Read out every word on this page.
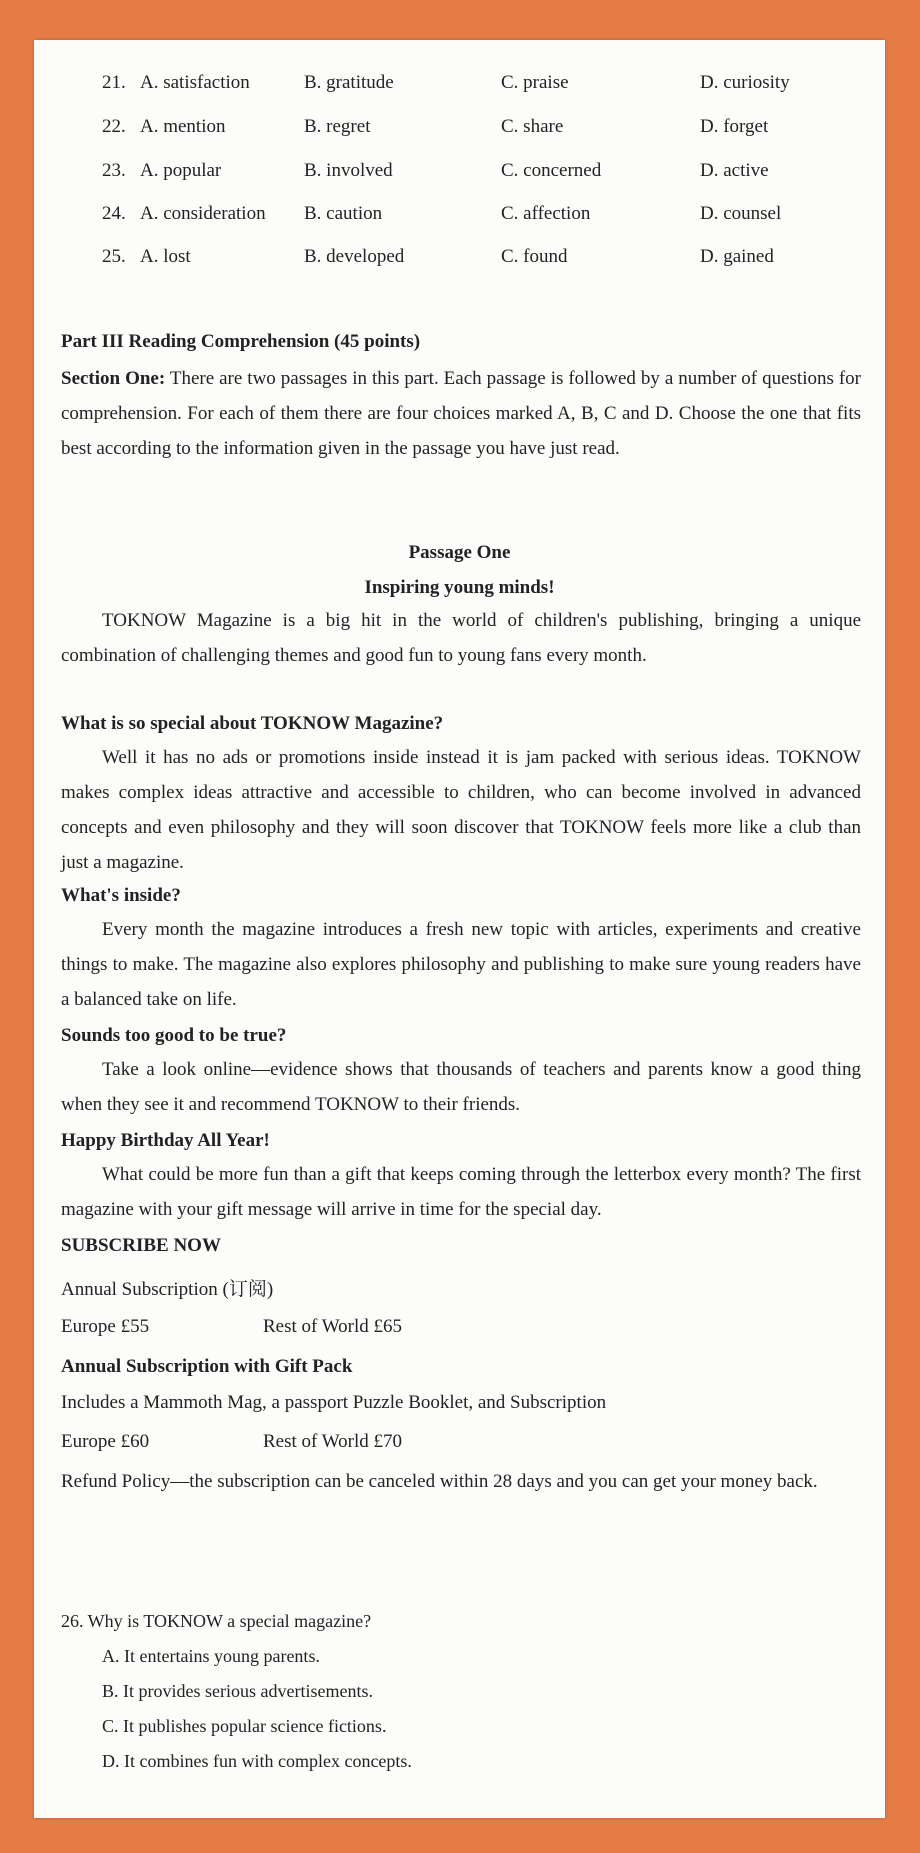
21. A. satisfaction	B. gratitude	C. praise	D. curiosity
22. A. mention	B. regret	C. share	D. forget
23. A. popular	B. involved	C. concerned	D. active
24. A. consideration B. caution	C. affection	D. counsel
25. A. lost	B. developed	C. found	D. gained
Part III Reading Comprehension (45 points)
Section One: There are two passages in this part. Each passage is followed by a number of questions for comprehension. For each of them there are four choices marked A, B, C and D. Choose the one that fits best according to the information given in the passage you have just read.
Passage One
Inspiring young minds!
TOKNOW Magazine is a big hit in the world of children's publishing, bringing a unique combination of challenging themes and good fun to young fans every month.
What is so special about TOKNOW Magazine?
Well it has no ads or promotions inside instead it is jam packed with serious ideas. TOKNOW makes complex ideas attractive and accessible to children, who can become involved in advanced concepts and even philosophy and they will soon discover that TOKNOW feels more like a club than just a magazine.
What's inside?
Every month the magazine introduces a fresh new topic with articles, experiments and creative things to make. The magazine also explores philosophy and publishing to make sure young readers have a balanced take on life.
Sounds too good to be true?
Take a look online—evidence shows that thousands of teachers and parents know a good thing when they see it and recommend TOKNOW to their friends.
Happy Birthday All Year!
What could be more fun than a gift that keeps coming through the letterbox every month? The first magazine with your gift message will arrive in time for the special day.
SUBSCRIBE NOW
Annual Subscription (订阅)
Europe £55	Rest of World £65
Annual Subscription with Gift Pack
Includes a Mammoth Mag, a passport Puzzle Booklet, and Subscription
Europe £60	Rest of World £70
Refund Policy—the subscription can be canceled within 28 days and you can get your money back.
26. Why is TOKNOW a special magazine?
A. It entertains young parents.
B. It provides serious advertisements.
C. It publishes popular science fictions.
D. It combines fun with complex concepts.
